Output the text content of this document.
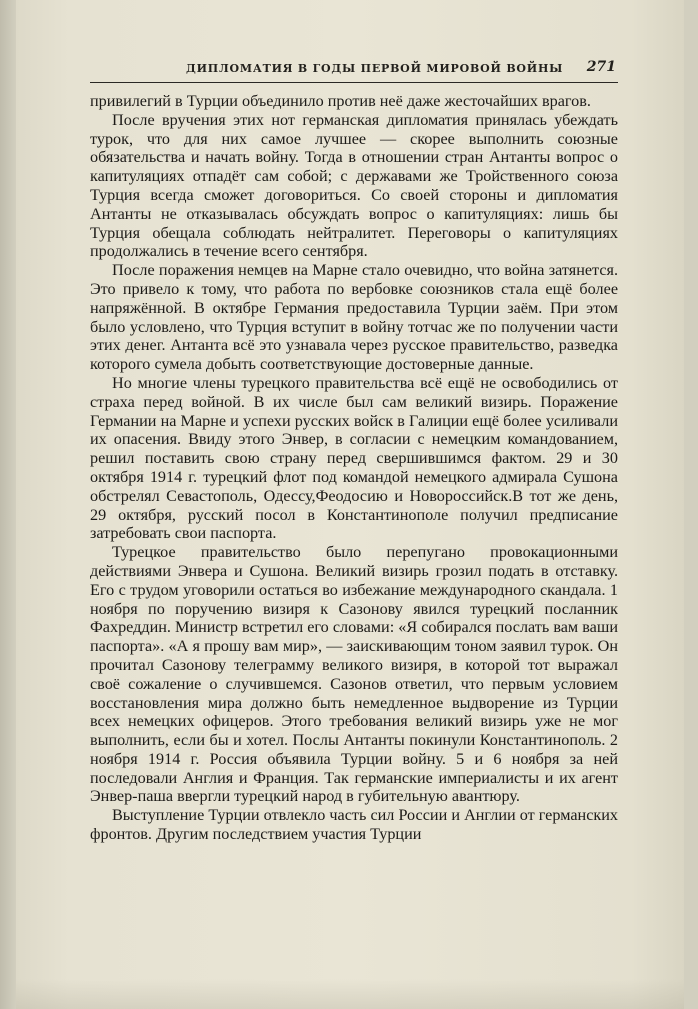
ДИПЛОМАТИЯ В ГОДЫ ПЕРВОЙ МИРОВОЙ ВОЙНЫ 271

привилегий в Турции объединило против неё даже жесточайших врагов.

После вручения этих нот германская дипломатия принялась убеждать турок, что для них самое лучшее — скорее выполнить союзные обязательства и начать войну. Тогда в отношении стран Антанты вопрос о капитуляциях отпадёт сам собой; с державами же Тройственного союза Турция всегда сможет договориться. Со своей стороны и дипломатия Антанты не отказывалась обсуждать вопрос о капитуляциях: лишь бы Турция обещала соблюдать нейтралитет. Переговоры о капитуляциях продолжались в течение всего сентября.

После поражения немцев на Марне стало очевидно, что война затянется. Это привело к тому, что работа по вербовке союзников стала ещё более напряжённой. В октябре Германия предоставила Турции заём. При этом было условлено, что Турция вступит в войну тотчас же по получении части этих денег. Антанта всё это узнавала через русское правительство, разведка которого сумела добыть соответствующие достоверные данные.

Но многие члены турецкого правительства всё ещё не освободились от страха перед войной. В их числе был сам великий визирь. Поражение Германии на Марне и успехи русских войск в Галиции ещё более усиливали их опасения. Ввиду этого Энвер, в согласии с немецким командованием, решил поставить свою страну перед свершившимся фактом. 29 и 30 октября 1914 г. турецкий флот под командой немецкого адмирала Сушона обстрелял Севастополь, Одессу,Феодосию и Новороссийск.В тот же день, 29 октября, русский посол в Константинополе получил предписание затребовать свои паспорта.

Турецкое правительство было перепугано провокационными действиями Энвера и Сушона. Великий визирь грозил подать в отставку. Его с трудом уговорили остаться во избежание международного скандала. 1 ноября по поручению визиря к Сазонову явился турецкий посланник Фахреддин. Министр встретил его словами: «Я собирался послать вам ваши паспорта». «А я прошу вам мир», — заискивающим тоном заявил турок. Он прочитал Сазонову телеграмму великого визиря, в которой тот выражал своё сожаление о случившемся. Сазонов ответил, что первым условием восстановления мира должно быть немедленное выдворение из Турции всех немецких офицеров. Этого требования великий визирь уже не мог выполнить, если бы и хотел. Послы Антанты покинули Константинополь. 2 ноября 1914 г. Россия объявила Турции войну. 5 и 6 ноября за ней последовали Англия и Франция. Так германские империалисты и их агент Энвер-паша ввергли турецкий народ в губительную авантюру.

Выступление Турции отвлекло часть сил России и Англии от германских фронтов. Другим последствием участия Турции
